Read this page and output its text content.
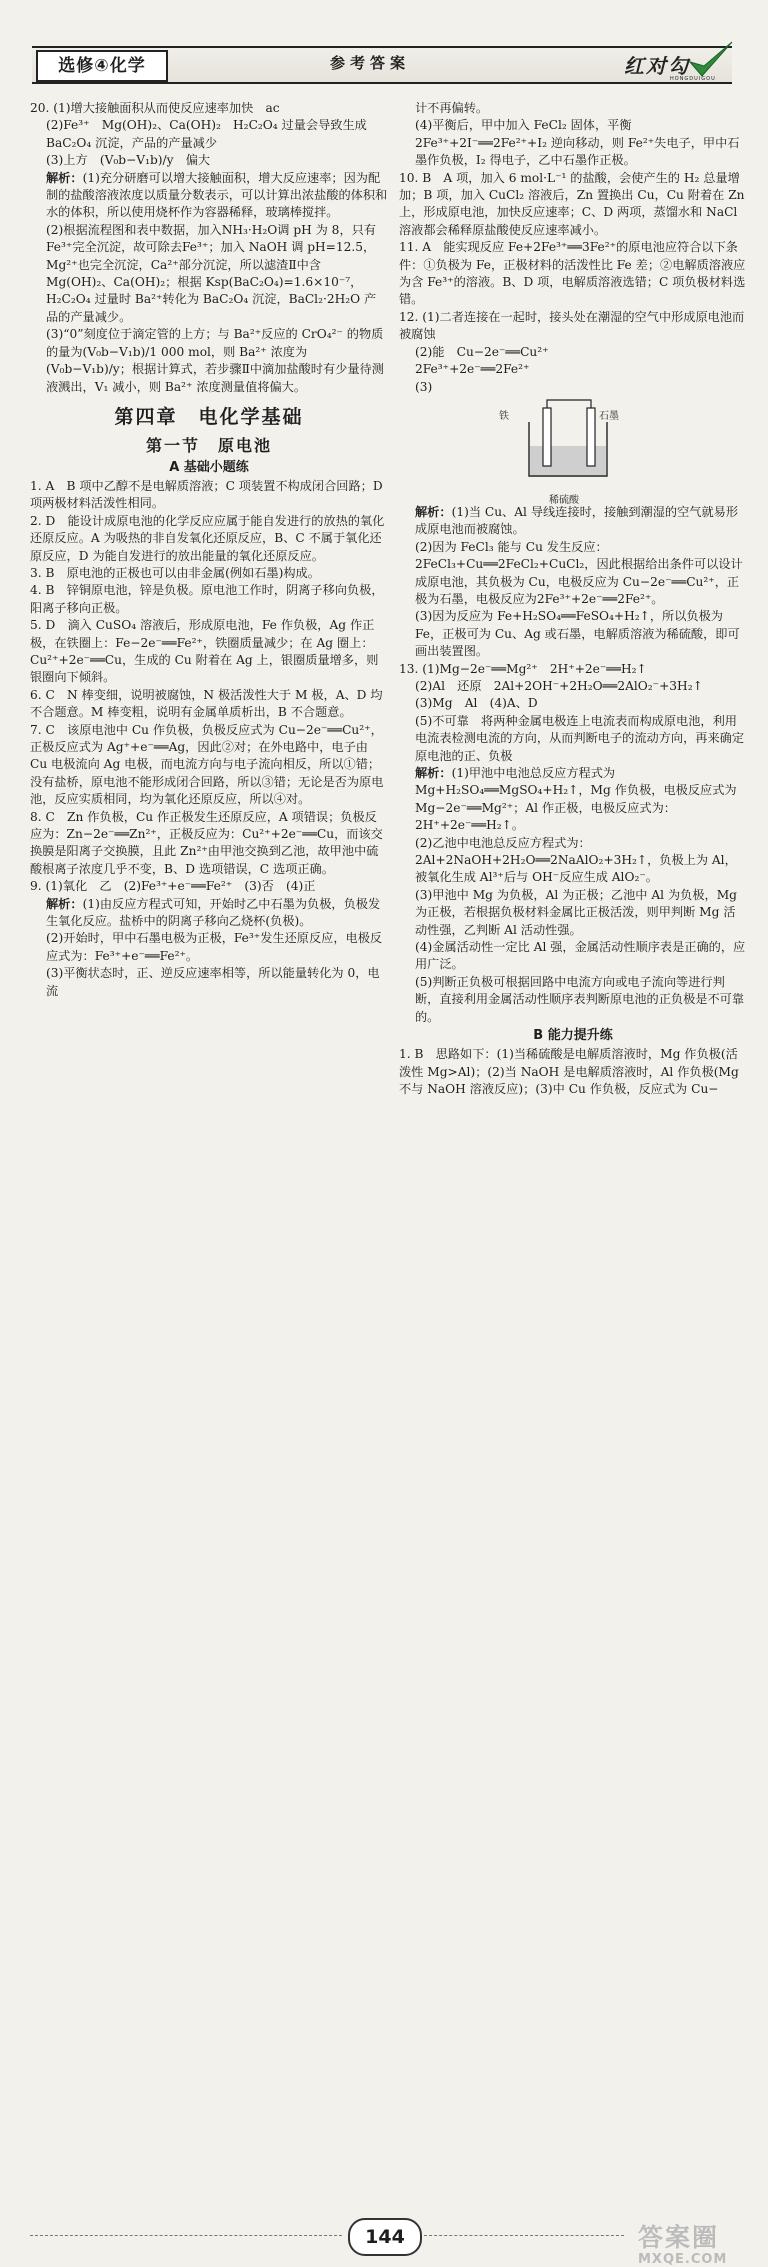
选修④化学	参考答案	红对勾
HONGDUIGOU

20. (1)增大接触面积从而使反应速率加快　ac

(2)Fe³⁺　Mg(OH)₂、Ca(OH)₂　H₂C₂O₄ 过量会导致生成BaC₂O₄ 沉淀，产品的产量减少

(3)上方　(V₀b−V₁b)/y　偏大

解析：(1)充分研磨可以增大接触面积，增大反应速率；因为配制的盐酸溶液浓度以质量分数表示，可以计算出浓盐酸的体积和水的体积，所以使用烧杯作为容器稀释，玻璃棒搅拌。

(2)根据流程图和表中数据，加入NH₃·H₂O调 pH 为 8，只有Fe³⁺完全沉淀，故可除去Fe³⁺；加入 NaOH 调 pH=12.5，Mg²⁺也完全沉淀，Ca²⁺部分沉淀，所以滤渣Ⅱ中含Mg(OH)₂、Ca(OH)₂；根据 Ksp(BaC₂O₄)=1.6×10⁻⁷，H₂C₂O₄ 过量时 Ba²⁺转化为 BaC₂O₄ 沉淀，BaCl₂·2H₂O 产品的产量减少。

(3)“0”刻度位于滴定管的上方；与 Ba²⁺反应的 CrO₄²⁻ 的物质的量为(V₀b−V₁b)/1 000 mol，则 Ba²⁺ 浓度为(V₀b−V₁b)/y；根据计算式，若步骤Ⅱ中滴加盐酸时有少量待测液溅出，V₁ 减小，则 Ba²⁺ 浓度测量值将偏大。

第四章　电化学基础

第一节　原电池

A 基础小题练

1. A　B 项中乙醇不是电解质溶液；C 项装置不构成闭合回路；D 项两极材料活泼性相同。

2. D　能设计成原电池的化学反应应属于能自发进行的放热的氧化还原反应。A 为吸热的非自发氧化还原反应，B、C 不属于氧化还原反应，D 为能自发进行的放出能量的氧化还原反应。

3. B　原电池的正极也可以由非金属(例如石墨)构成。

4. B　锌铜原电池，锌是负极。原电池工作时，阴离子移向负极，阳离子移向正极。

5. D　滴入 CuSO₄ 溶液后，形成原电池，Fe 作负极，Ag 作正极，在铁圈上：Fe−2e⁻══Fe²⁺，铁圈质量减少；在 Ag 圈上：Cu²⁺+2e⁻══Cu，生成的 Cu 附着在 Ag 上，银圈质量增多，则银圈向下倾斜。

6. C　N 棒变细，说明被腐蚀，N 极活泼性大于 M 极，A、D 均不合题意。M 棒变粗，说明有金属单质析出，B 不合题意。

7. C　该原电池中 Cu 作负极，负极反应式为 Cu−2e⁻══Cu²⁺，正极反应式为 Ag⁺+e⁻══Ag，因此②对；在外电路中，电子由 Cu 电极流向 Ag 电极，而电流方向与电子流向相反，所以①错；没有盐桥，原电池不能形成闭合回路，所以③错；无论是否为原电池，反应实质相同，均为氧化还原反应，所以④对。

8. C　Zn 作负极，Cu 作正极发生还原反应，A 项错误；负极反应为：Zn−2e⁻══Zn²⁺，正极反应为：Cu²⁺+2e⁻══Cu，而该交换膜是阳离子交换膜，且此 Zn²⁺由甲池交换到乙池，故甲池中硫酸根离子浓度几乎不变，B、D 选项错误，C 选项正确。

9. (1)氧化　乙　(2)Fe³⁺+e⁻══Fe²⁺　(3)否　(4)正

解析：(1)由反应方程式可知，开始时乙中石墨为负极，负极发生氧化反应。盐桥中的阴离子移向乙烧杯(负极)。

(2)开始时，甲中石墨电极为正极，Fe³⁺发生还原反应，电极反应式为：Fe³⁺+e⁻══Fe²⁺。

(3)平衡状态时，正、逆反应速率相等，所以能量转化为 0，电流

计不再偏转。

(4)平衡后，甲中加入 FeCl₂ 固体，平衡 2Fe³⁺+2I⁻══2Fe²⁺+I₂ 逆向移动，则 Fe²⁺失电子，甲中石墨作负极，I₂ 得电子，乙中石墨作正极。

10. B　A 项，加入 6 mol·L⁻¹ 的盐酸，会使产生的 H₂ 总量增加；B 项，加入 CuCl₂ 溶液后，Zn 置换出 Cu，Cu 附着在 Zn 上，形成原电池，加快反应速率；C、D 两项，蒸馏水和 NaCl 溶液都会稀释原盐酸使反应速率减小。

11. A　能实现反应 Fe+2Fe³⁺══3Fe²⁺的原电池应符合以下条件：①负极为 Fe，正极材料的活泼性比 Fe 差；②电解质溶液应为含 Fe³⁺的溶液。B、D 项，电解质溶液选错；C 项负极材料选错。

12. (1)二者连接在一起时，接头处在潮湿的空气中形成原电池而被腐蚀

(2)能　Cu−2e⁻══Cu²⁺

2Fe³⁺+2e⁻══2Fe²⁺

(3)

铁	石墨
稀硫酸

解析：(1)当 Cu、Al 导线连接时，接触到潮湿的空气就易形成原电池而被腐蚀。

(2)因为 FeCl₃ 能与 Cu 发生反应：2FeCl₃+Cu══2FeCl₂+CuCl₂，因此根据给出条件可以设计成原电池，其负极为 Cu，电极反应为 Cu−2e⁻══Cu²⁺，正极为石墨，电极反应为2Fe³⁺+2e⁻══2Fe²⁺。

(3)因为反应为 Fe+H₂SO₄══FeSO₄+H₂↑，所以负极为Fe，正极可为 Cu、Ag 或石墨，电解质溶液为稀硫酸，即可画出装置图。

13. (1)Mg−2e⁻══Mg²⁺　2H⁺+2e⁻══H₂↑

(2)Al　还原　2Al+2OH⁻+2H₂O══2AlO₂⁻+3H₂↑

(3)Mg　Al　(4)A、D

(5)不可靠　将两种金属电极连上电流表而构成原电池，利用电流表检测电流的方向，从而判断电子的流动方向，再来确定原电池的正、负极

解析：(1)甲池中电池总反应方程式为 Mg+H₂SO₄══MgSO₄+H₂↑，Mg 作负极，电极反应式为 Mg−2e⁻══Mg²⁺；Al 作正极，电极反应式为：2H⁺+2e⁻══H₂↑。

(2)乙池中电池总反应方程式为：2Al+2NaOH+2H₂O══2NaAlO₂+3H₂↑，负极上为 Al，被氧化生成 Al³⁺后与 OH⁻反应生成 AlO₂⁻。

(3)甲池中 Mg 为负极，Al 为正极；乙池中 Al 为负极，Mg 为正极，若根据负极材料金属比正极活泼，则甲判断 Mg 活动性强，乙判断 Al 活动性强。

(4)金属活动性一定比 Al 强，金属活动性顺序表是正确的，应用广泛。

(5)判断正负极可根据回路中电流方向或电子流向等进行判断，直接利用金属活动性顺序表判断原电池的正负极是不可靠的。

B 能力提升练

1. B　思路如下：(1)当稀硫酸是电解质溶液时，Mg 作负极(活泼性 Mg>Al)；(2)当 NaOH 是电解质溶液时，Al 作负极(Mg 不与 NaOH 溶液反应)；(3)中 Cu 作负极，反应式为 Cu−

144	答案圈
MXQE.COM
